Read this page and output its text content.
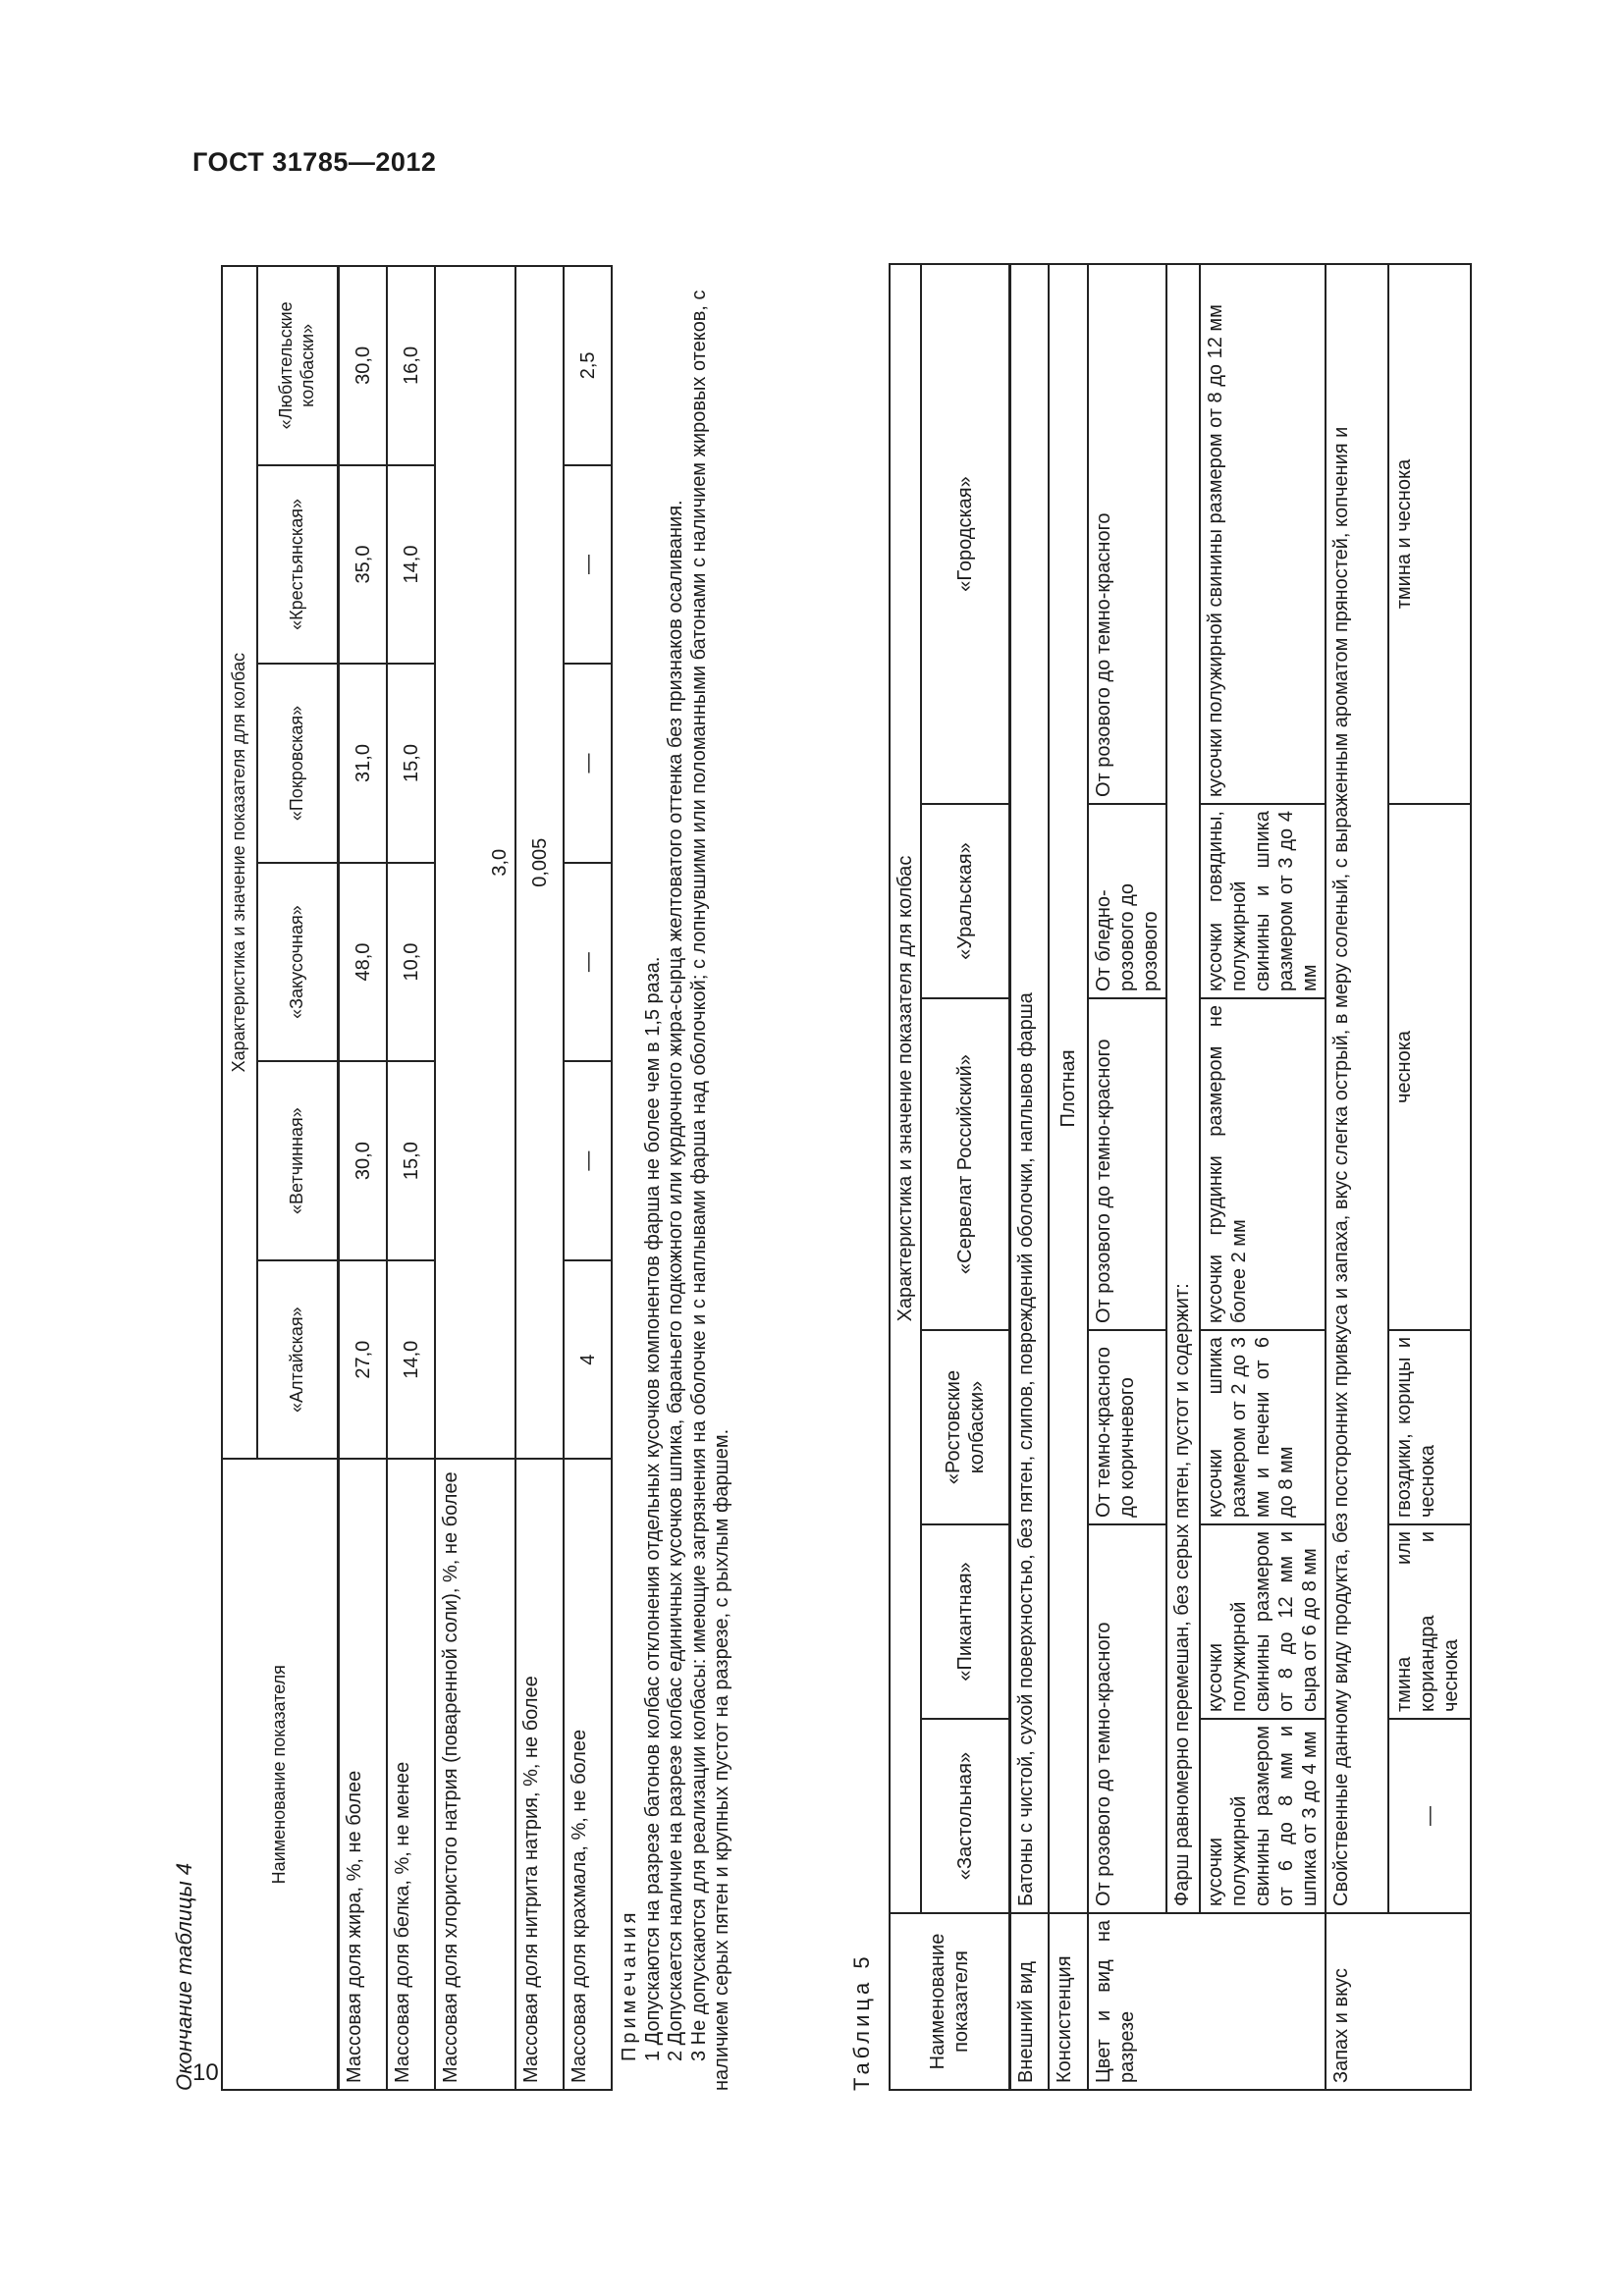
ГОСТ 31785—2012
10
Окончание таблицы 4
Наименование показателя	Характеристика и значение показателя для колбас					
	«Алтайская»	«Ветчинная»	«Закусочная»	«Покровская»	«Крестьянская»	«Любительские колбаски»
Массовая доля жира, %, не более	27,0	30,0	48,0	31,0	35,0	30,0
Массовая доля белка, %, не менее	14,0	15,0	10,0	15,0	14,0	16,0
Массовая доля хлористого натрия (поваренной соли), %, не более	3,0					
Массовая доля нитрита натрия, %, не более	0,005					
Массовая доля крахмала, %, не более	4	—	—	—	—	2,5

Примечания 1 Допускаются на разрезе батонов колбас отклонения отдельных кусочков компонентов фарша не более чем в 1,5 раза. 2 Допускается наличие на разрезе колбас единичных кусочков шпика, бараньего подкожного или курдючного жира-сырца желтоватого оттенка без признаков осаливания. 3 Не допускаются для реализации колбасы: имеющие загрязнения на оболочке и с наплывами фарша над оболочкой; с лопнувшими или поломанными батонами с наличием жировых отеков, с наличием серых пятен и крупных пустот на разрезе, с рыхлым фаршем.	Таблица 5	Наименование показателя	Характеристика и значение показателя для колбас					
	«Застольная»	«Пикантная»	«Ростовские колбаски»	«Сервелат Российский»	«Уральская»	«Городская»
Внешний вид	Батоны с чистой, сухой поверхностью, без пятен, слипов, повреждений оболочки, наплывов фарша					
Консистенция	Плотная					
Цвет и вид на разрезе	От розового до темно-красного		От темно-красного до коричневого	От розового до темно-красного	От бледно-розового до розового	От розового до темно-красного
	Фарш равномерно перемешан, без серых пятен, пустот и содержит:					
	кусочки полужирной свинины размером от 6 до 8 мм и шпика от 3 до 4 мм	кусочки полужирной свинины размером от 8 до 12 мм и сыра от 6 до 8 мм	кусочки шпика размером от 2 до 3 мм и печени от 6 до 8 мм	кусочки грудинки размером не более 2 мм	кусочки говядины, полужирной свинины и шпика размером от 3 до 4 мм	кусочки полужирной свинины размером от 8 до 12 мм
Запах и вкус	Свойственные данному виду продукта, без посторонних привкуса и запаха, вкус слегка острый, в меру соленый, с выраженным ароматом пряностей, копчения и					
	—	тмина или кориандра и чеснока	гвоздики, корицы и чеснока	чеснока		тмина и чеснока
